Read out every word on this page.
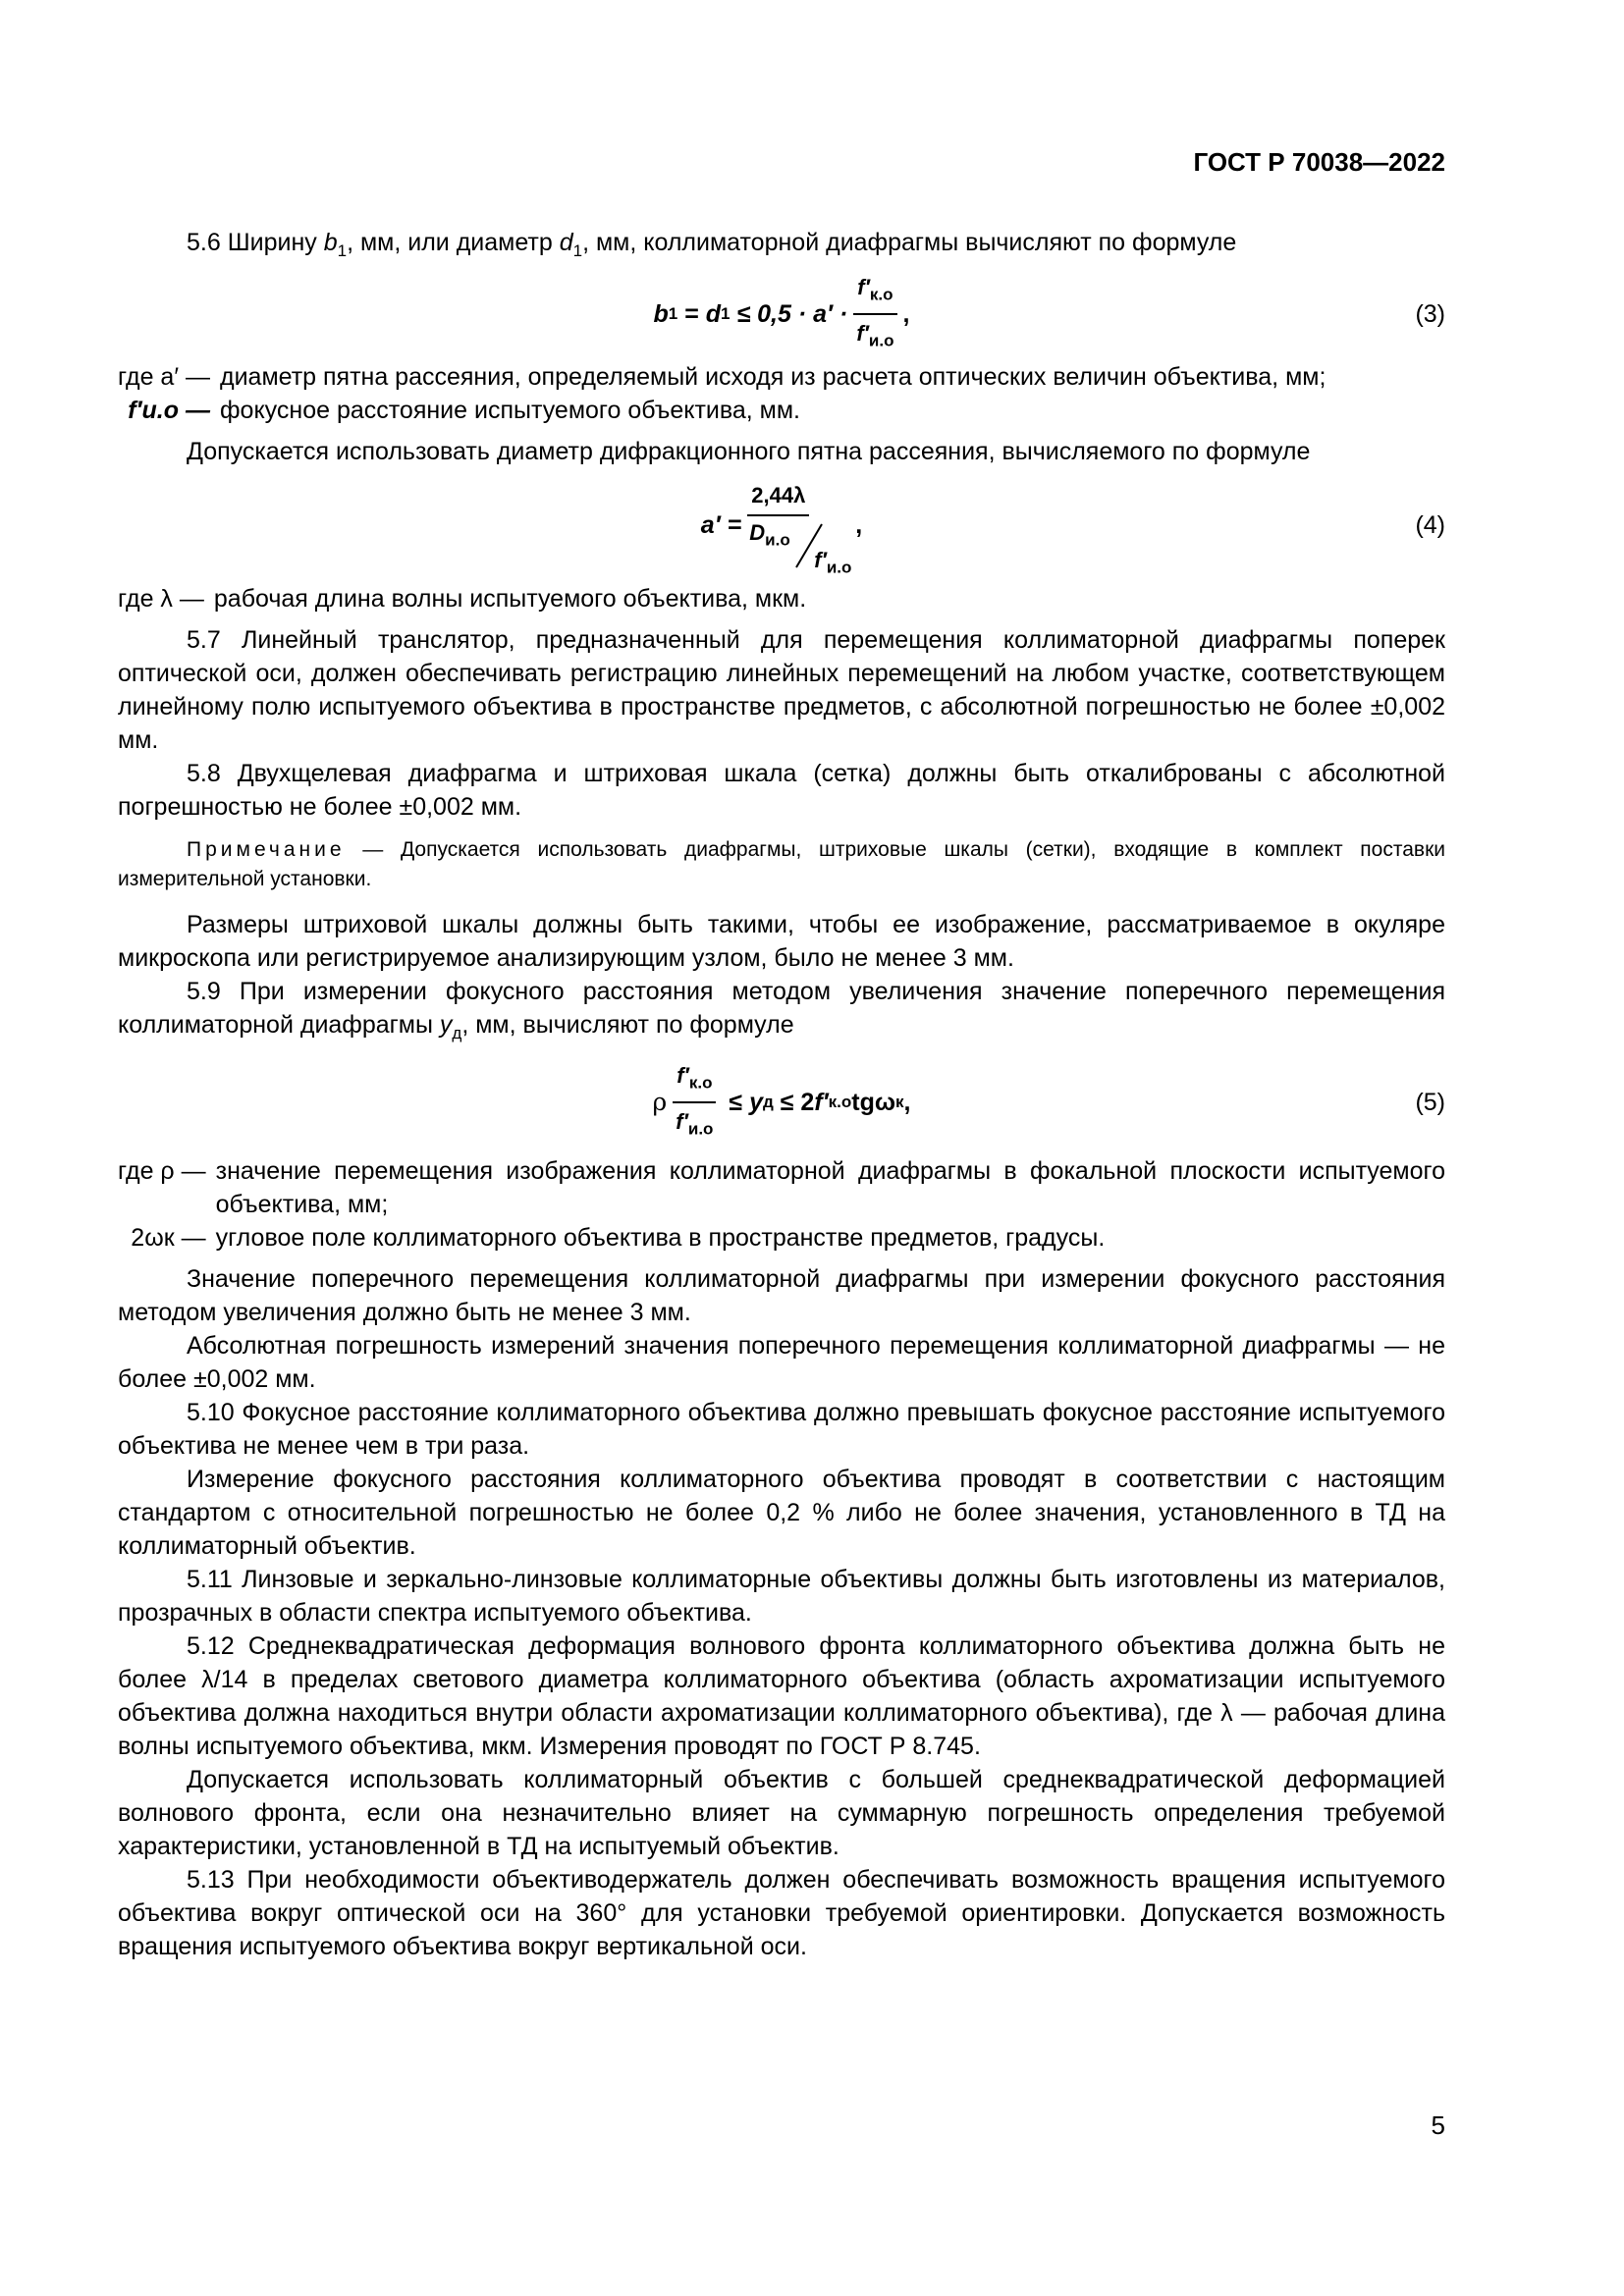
ГОСТ Р 70038—2022

5.6 Ширину $b_1$, мм, или диаметр $d_1$, мм, коллиматорной диафрагмы вычисляют по формуле

b 1 = d $1 \le 0,5 \cdot a' \cdot \frac{f'_{к.о}}{f'_{и.о}}$ ,	(3)
где a′ — диаметр пятна рассеяния, определяемый исходя из расчета оптических величин объектива, мм;
f′и.о — фокусное расстояние испытуемого объектива, мм.

Допускается использовать диаметр дифракционного пятна рассеяния, вычисляемого по формуле

a′ = 2,44λ
$D_{и.о}$
$f'_{и.о}$ ,	(4)
где λ — рабочая длина волны испытуемого объектива, мкм.

5.7 Линейный транслятор, предназначенный для перемещения коллиматорной диафрагмы поперек оптической оси, должен обеспечивать регистрацию линейных перемещений на любом участке, соответствующем линейному полю испытуемого объектива в пространстве предметов, с абсолютной погрешностью не более ±0,002 мм.

5.8 Двухщелевая диафрагма и штриховая шкала (сетка) должны быть откалиброваны с абсолютной погрешностью не более ±0,002 мм.

Примечание — Допускается использовать диафрагмы, штриховые шкалы (сетки), входящие в комплект поставки измерительной установки.

Размеры штриховой шкалы должны быть такими, чтобы ее изображение, рассматриваемое в окуляре микроскопа или регистрируемое анализирующим узлом, было не менее 3 мм.

5.9 При измерении фокусного расстояния методом увеличения значение поперечного перемещения коллиматорной диафрагмы $y_д$, мм, вычисляют по формуле

ρ $\frac{f'_{к.о}}{f'_{и.о}} \le y$ д ≤ 2 f′ к.о tgω к ,	(5)
где ρ — значение перемещения изображения коллиматорной диафрагмы в фокальной плоскости испытуемого объектива, мм;
2ωк — угловое поле коллиматорного объектива в пространстве предметов, градусы.

Значение поперечного перемещения коллиматорной диафрагмы при измерении фокусного расстояния методом увеличения должно быть не менее 3 мм.

Абсолютная погрешность измерений значения поперечного перемещения коллиматорной диафрагмы — не более ±0,002 мм.

5.10 Фокусное расстояние коллиматорного объектива должно превышать фокусное расстояние испытуемого объектива не менее чем в три раза.

Измерение фокусного расстояния коллиматорного объектива проводят в соответствии с настоящим стандартом с относительной погрешностью не более 0,2 % либо не более значения, установленного в ТД на коллиматорный объектив.

5.11 Линзовые и зеркально-линзовые коллиматорные объективы должны быть изготовлены из материалов, прозрачных в области спектра испытуемого объектива.

5.12 Среднеквадратическая деформация волнового фронта коллиматорного объектива должна быть не более λ/14 в пределах светового диаметра коллиматорного объектива (область ахроматизации испытуемого объектива должна находиться внутри области ахроматизации коллиматорного объектива), где λ — рабочая длина волны испытуемого объектива, мкм. Измерения проводят по ГОСТ Р 8.745.

Допускается использовать коллиматорный объектив с большей среднеквадратической деформацией волнового фронта, если она незначительно влияет на суммарную погрешность определения требуемой характеристики, установленной в ТД на испытуемый объектив.

5.13 При необходимости объективодержатель должен обеспечивать возможность вращения испытуемого объектива вокруг оптической оси на 360° для установки требуемой ориентировки. Допускается возможность вращения испытуемого объектива вокруг вертикальной оси.

5
